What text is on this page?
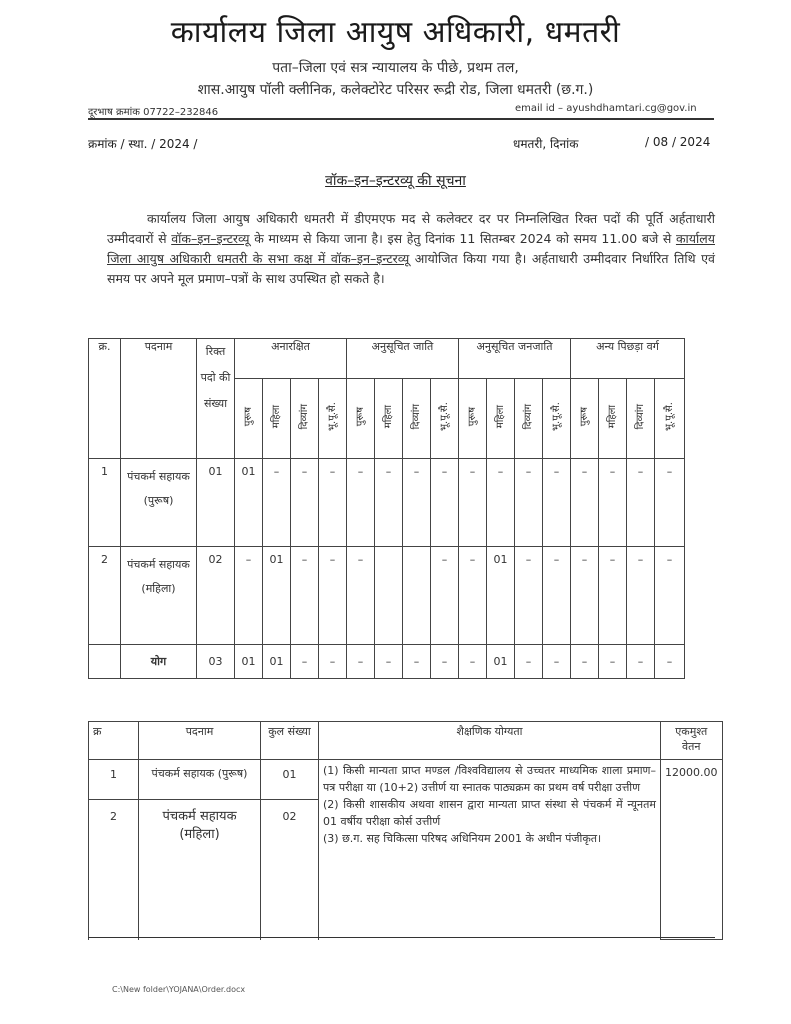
कार्यालय जिला आयुष अधिकारी, धमतरी
पता–जिला एवं सत्र न्यायालय के पीछे, प्रथम तल,
शास.आयुष पॉली क्लीनिक, कलेक्टोरेट परिसर रूद्री रोड, जिला धमतरी (छ.ग.)
दूरभाष क्रमांक 07722–232846	email id – ayushdhamtari.cg@gov.in
क्रमांक / स्था. / 2024 /	धमतरी, दिनांक	/ 08 / 2024
वॉक–इन–इन्टरव्यू की सूचना
कार्यालय जिला आयुष अधिकारी धमतरी में डीएमएफ मद से कलेक्टर दर पर निम्नलिखित रिक्त पदों की पूर्ति अर्हताधारी उम्मीदवारों से वॉक–इन–इन्टरव्यू के माध्यम से किया जाना है। इस हेतु दिनांक 11 सितम्बर 2024 को समय 11.00 बजे से कार्यालय जिला आयुष अधिकारी धमतरी के सभा कक्ष में वॉक–इन–इन्टरव्यू आयोजित किया गया है। अर्हताधारी उम्मीदवार निर्धारित तिथि एवं समय पर अपने मूल प्रमाण–पत्रों के साथ उपस्थित हो सकते है।
क्र.	पदनाम	रिक्त पदो की संख्या	अनारक्षित				अनुसूचित जाति				अनुसूचित जनजाति				अन्य पिछड़ा वर्ग			
			पुरूष	महिला	दिव्यांग	भू.पू.सै.	पुरूष	महिला	दिव्यांग	भू.पू.सै.	पुरूष	महिला	दिव्यांग	भू.पू.सै.	पुरूष	महिला	दिव्यांग	भू.पू.सै.
1	पंचकर्म सहायक (पुरूष)	01	01	–	–	–	–	–	–	–	–	–	–	–	–	–	–	–
2	पंचकर्म सहायक (महिला)	02	–	01	–	–	–			–	–	01	–	–	–	–	–	–
	योग	03	01	01	–	–	–	–	–	–	–	01	–	–	–	–	–	–
क्र	पदनाम	कुल संख्या	शैक्षणिक योग्यता	एकमुश्त वेतन
1	पंचकर्म सहायक (पुरूष)	01	(1) किसी मान्यता प्राप्त मण्डल /विश्वविद्यालय से उच्चतर माध्यमिक शाला प्रमाण–पत्र परीक्षा या (10+2) उत्तीर्ण या स्नातक पाठ्यक्रम का प्रथम वर्ष परीक्षा उत्तीण
(2) किसी शासकीय अथवा शासन द्वारा मान्यता प्राप्त संस्था से पंचकर्म में न्यूनतम 01 वर्षीय परीक्षा कोर्स उत्तीर्ण
(3) छ.ग. सह चिकित्सा परिषद अधिनियम 2001 के अधीन पंजीकृत।	12000.00
2	पंचकर्म सहायक (महिला)	02		
C:\New folder\YOJANA\Order.docx
